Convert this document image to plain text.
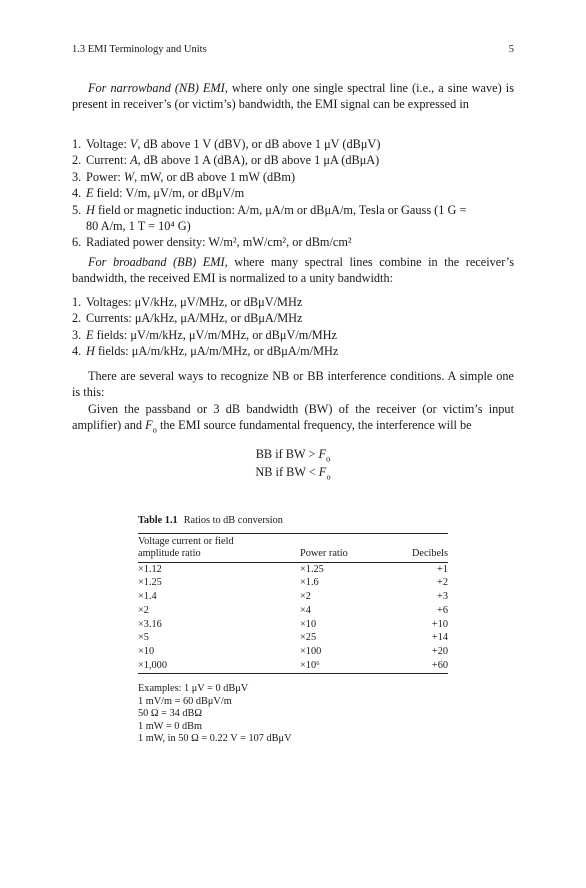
1.3 EMI Terminology and Units	5
For narrowband (NB) EMI, where only one single spectral line (i.e., a sine wave) is present in receiver’s (or victim’s) bandwidth, the EMI signal can be expressed in
1. Voltage: V, dB above 1 V (dBV), or dB above 1 μV (dBμV)
2. Current: A, dB above 1 A (dBA), or dB above 1 μA (dBμA)
3. Power: W, mW, or dB above 1 mW (dBm)
4. E field: V/m, μV/m, or dBμV/m
5. H field or magnetic induction: A/m, μA/m or dBμA/m, Tesla or Gauss (1 G =
80 A/m, 1 T = 10⁴ G)
6. Radiated power density: W/m², mW/cm², or dBm/cm²
For broadband (BB) EMI, where many spectral lines combine in the receiver’s bandwidth, the received EMI is normalized to a unity bandwidth:
1. Voltages: μV/kHz, μV/MHz, or dBμV/MHz
2. Currents: μA/kHz, μA/MHz, or dBμA/MHz
3. E fields: μV/m/kHz, μV/m/MHz, or dBμV/m/MHz
4. H fields: μA/m/kHz, μA/m/MHz, or dBμA/m/MHz
There are several ways to recognize NB or BB interference conditions. A simple one is this:
Given the passband or 3 dB bandwidth (BW) of the receiver (or victim’s input amplifier) and $F_o$ the EMI source fundamental frequency, the interference will be
BB if BW > $F_o$
NB if BW < $F_o$
Table 1.1 Ratios to dB conversion
Voltage current or field
amplitude ratio	Power ratio	Decibels
×1.12	×1.25	+1
×1.25	×1.6	+2
×1.4	×2	+3
×2	×4	+6
×3.16	×10	+10
×5	×25	+14
×10	×100	+20
×1,000	×10⁶	+60
Examples: 1 μV = 0 dBμV
1 mV/m = 60 dBμV/m
50 Ω = 34 dBΩ
1 mW = 0 dBm
1 mW, in 50 Ω = 0.22 V = 107 dBμV
